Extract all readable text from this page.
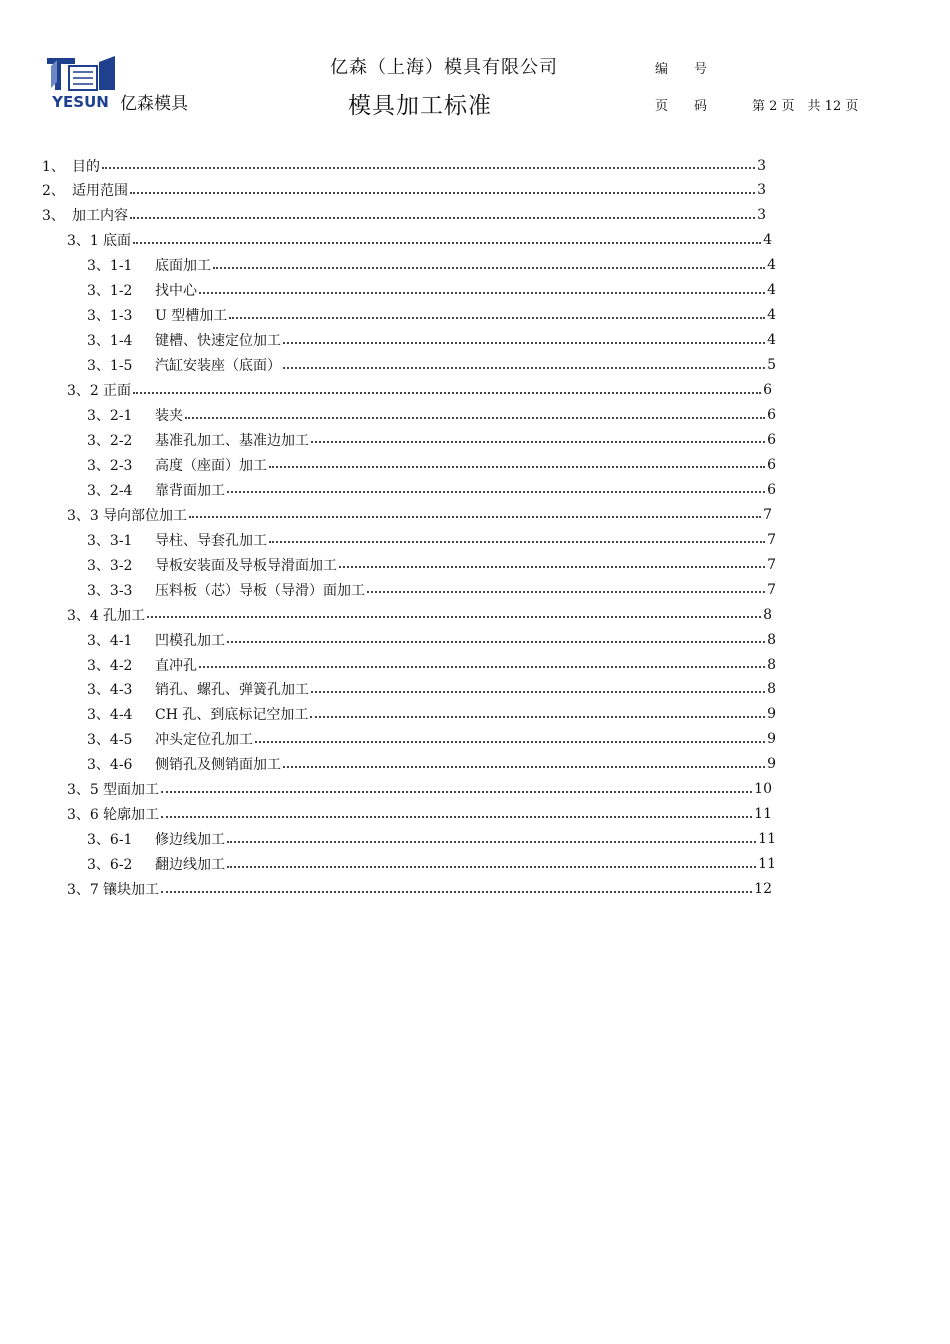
YESUN 亿森模具
亿森（上海）模具有限公司
模具加工标准
编　　号
页　　码	第 2 页　共 12 页
1、 目的	3
2、 适用范围	3
3、 加工内容	3
3、1 底面	4
3、1-1	底面加工	4
3、1-2	找中心	4
3、1-3	U 型槽加工	4
3、1-4	键槽、快速定位加工	4
3、1-5	汽缸安装座（底面）	5
3、2 正面	6
3、2-1	装夹	6
3、2-2	基准孔加工、基准边加工	6
3、2-3	高度（座面）加工	6
3、2-4	靠背面加工	6
3、3 导向部位加工	7
3、3-1	导柱、导套孔加工	7
3、3-2	导板安装面及导板导滑面加工	7
3、3-3	压料板（芯）导板（导滑）面加工	7
3、4 孔加工	8
3、4-1	凹模孔加工	8
3、4-2	直冲孔	8
3、4-3	销孔、螺孔、弹簧孔加工	8
3、4-4	CH 孔、到底标记空加工	9
3、4-5	冲头定位孔加工	9
3、4-6	侧销孔及侧销面加工	9
3、5 型面加工	10
3、6 轮廓加工	11
3、6-1	修边线加工	11
3、6-2	翻边线加工	11
3、7 镶块加工	12
